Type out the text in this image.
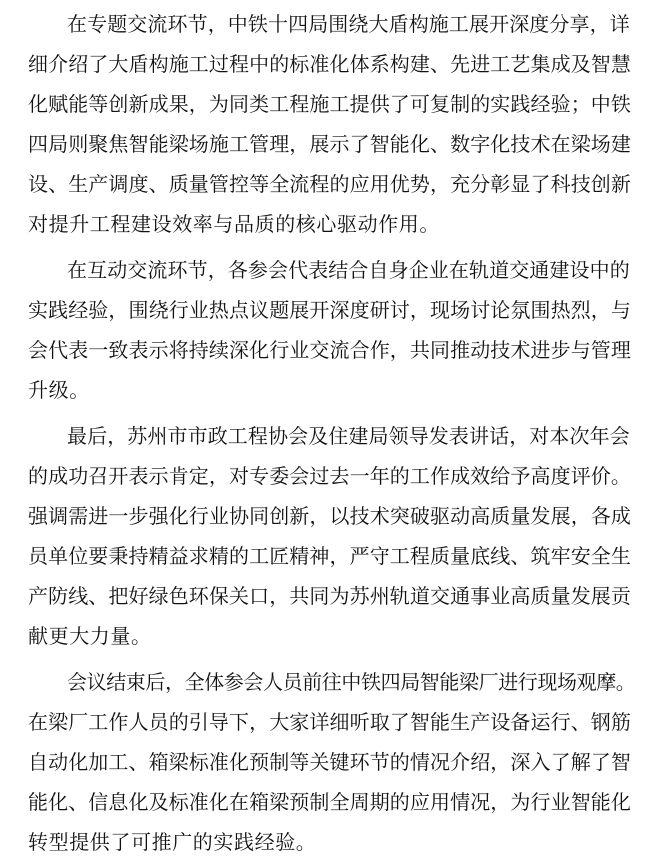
在专题交流环节，中铁十四局围绕大盾构施工展开深度分享，详
细介绍了大盾构施工过程中的标准化体系构建、先进工艺集成及智慧
化赋能等创新成果，为同类工程施工提供了可复制的实践经验；中铁
四局则聚焦智能梁场施工管理，展示了智能化、数字化技术在梁场建
设、生产调度、质量管控等全流程的应用优势，充分彰显了科技创新
对提升工程建设效率与品质的核心驱动作用。
在互动交流环节，各参会代表结合自身企业在轨道交通建设中的
实践经验，围绕行业热点议题展开深度研讨，现场讨论氛围热烈，与
会代表一致表示将持续深化行业交流合作，共同推动技术进步与管理
升级。
最后，苏州市市政工程协会及住建局领导发表讲话，对本次年会
的成功召开表示肯定，对专委会过去一年的工作成效给予高度评价。
强调需进一步强化行业协同创新，以技术突破驱动高质量发展，各成
员单位要秉持精益求精的工匠精神，严守工程质量底线、筑牢安全生
产防线、把好绿色环保关口，共同为苏州轨道交通事业高质量发展贡
献更大力量。
会议结束后，全体参会人员前往中铁四局智能梁厂进行现场观摩。
在梁厂工作人员的引导下，大家详细听取了智能生产设备运行、钢筋
自动化加工、箱梁标准化预制等关键环节的情况介绍，深入了解了智
能化、信息化及标准化在箱梁预制全周期的应用情况，为行业智能化
转型提供了可推广的实践经验。
